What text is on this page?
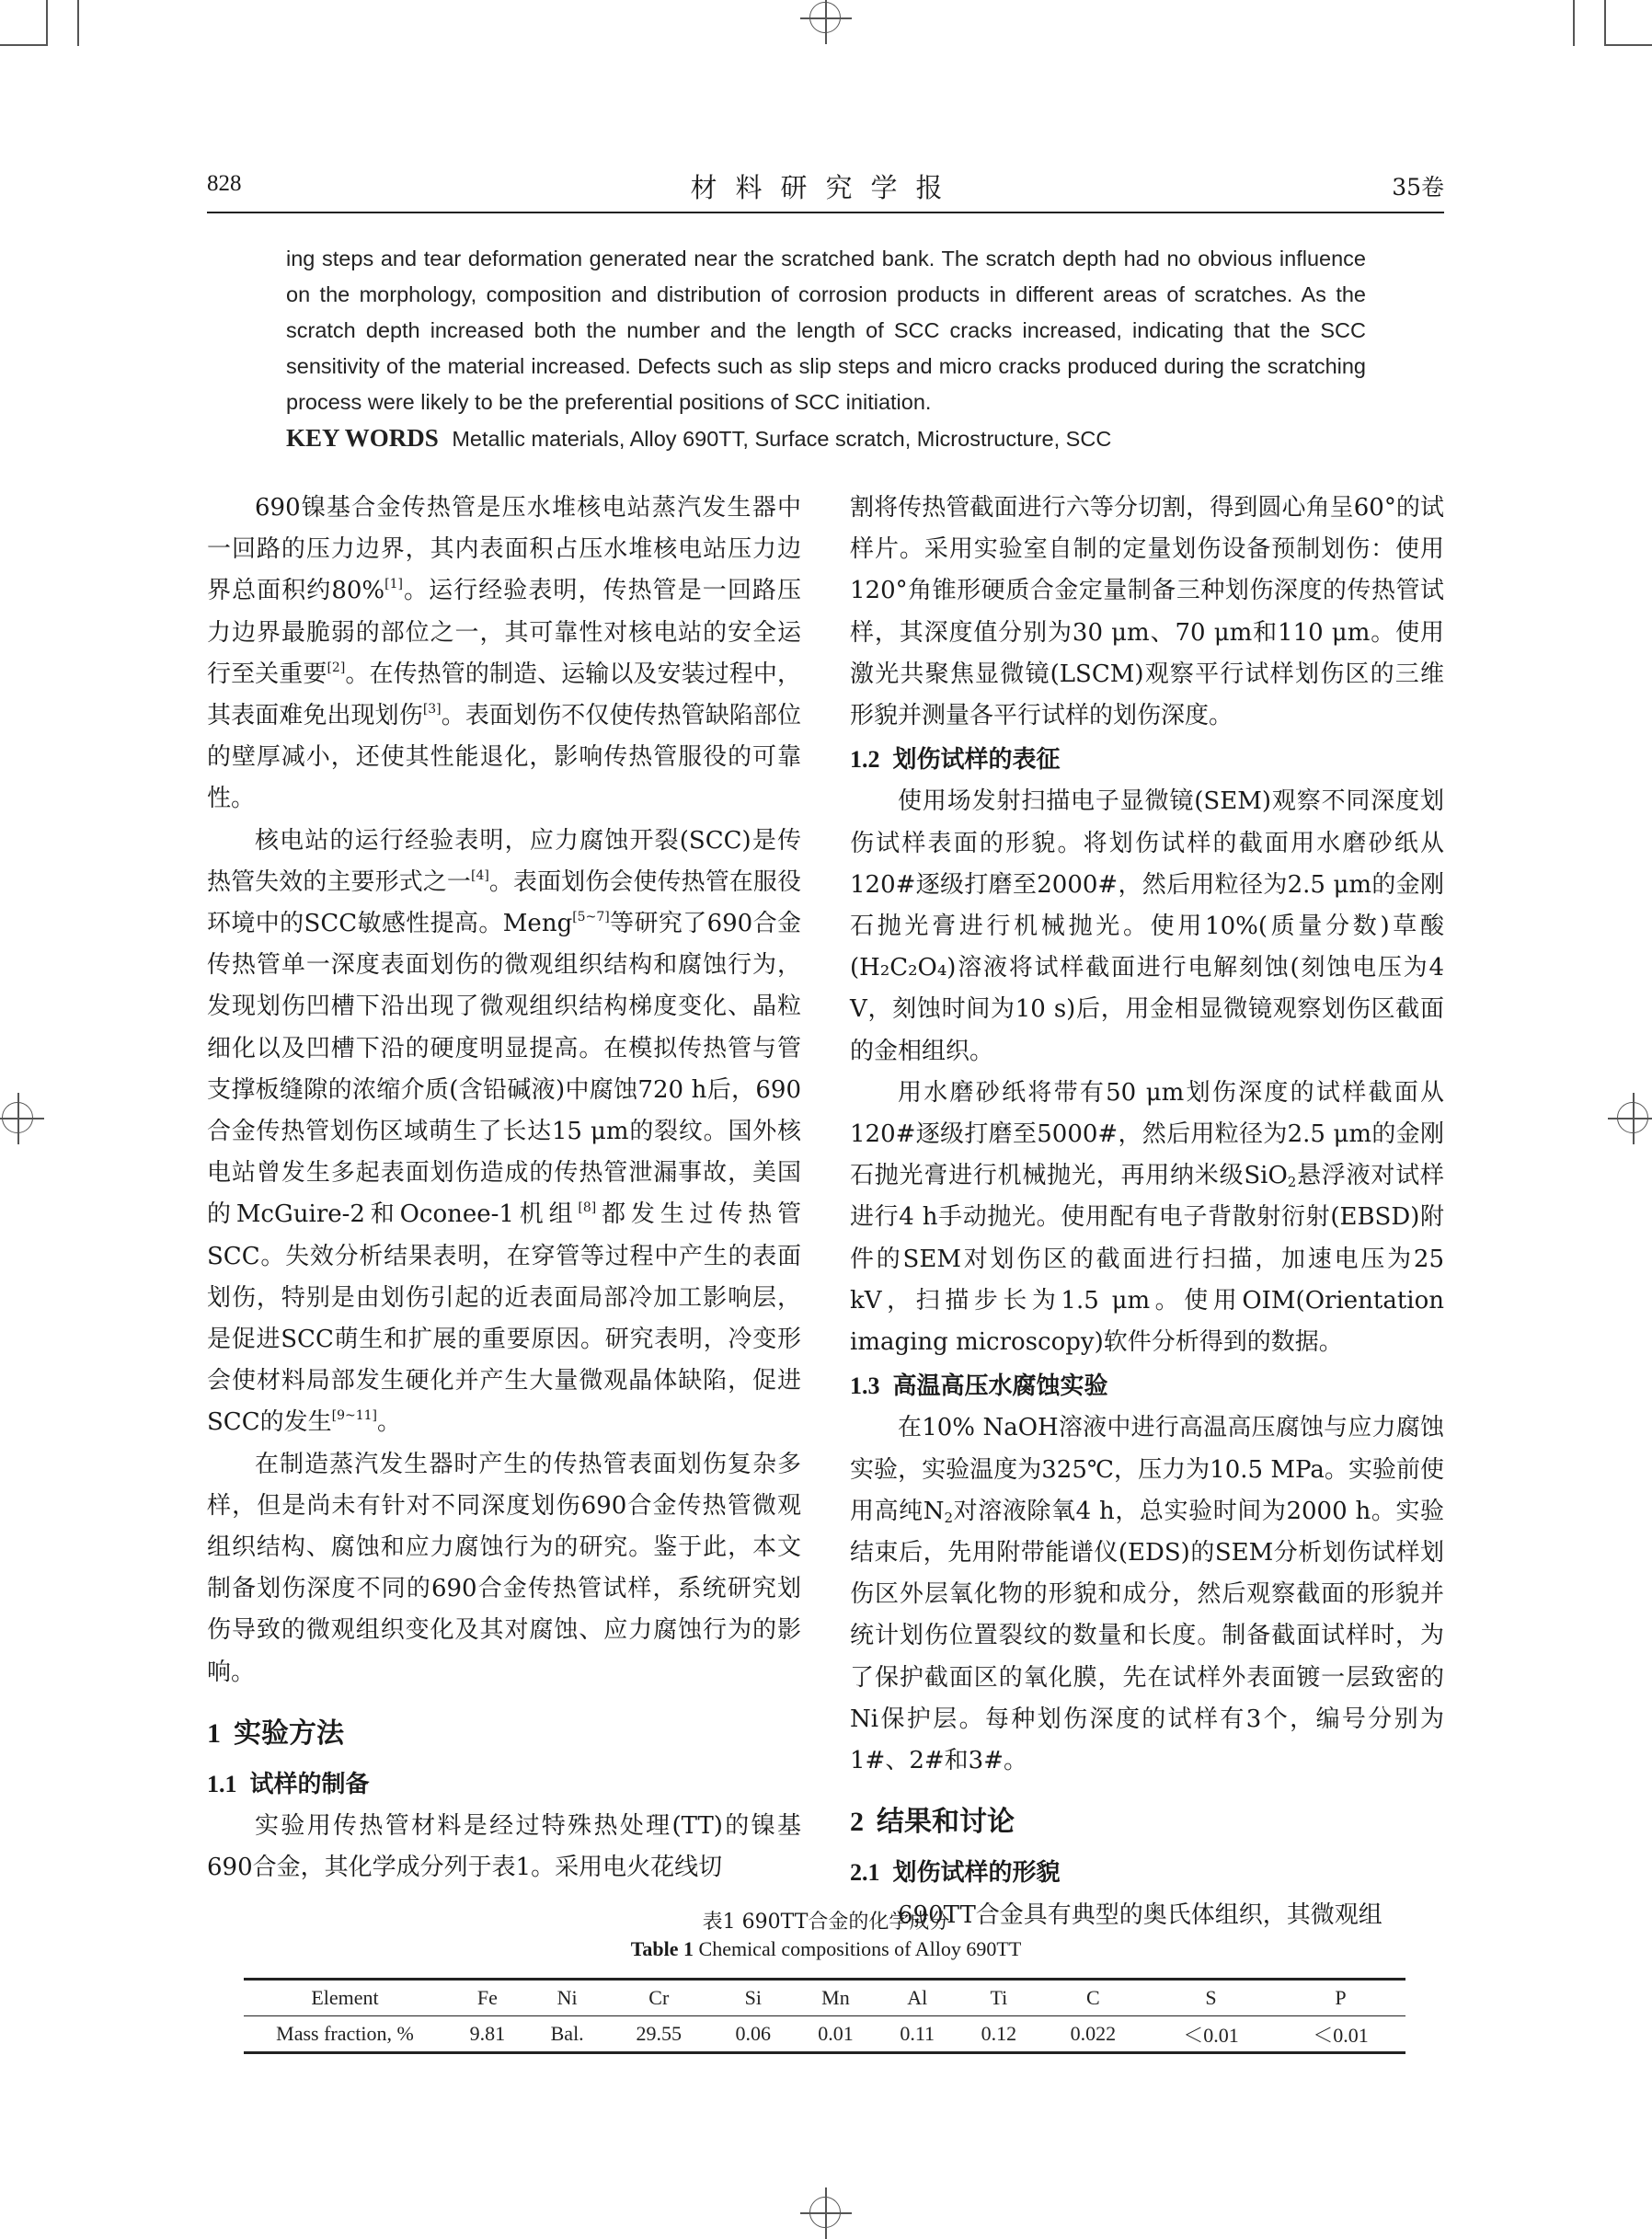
828	材料研究学报	35卷
ing steps and tear deformation generated near the scratched bank. The scratch depth had no obvious influence on the morphology, composition and distribution of corrosion products in different areas of scratches. As the scratch depth increased both the number and the length of SCC cracks increased, indicating that the SCC sensitivity of the material increased. Defects such as slip steps and micro cracks produced during the scratching process were likely to be the preferential positions of SCC initiation.
KEY WORDS Metallic materials, Alloy 690TT, Surface scratch, Microstructure, SCC

690镍基合金传热管是压水堆核电站蒸汽发生器中一回路的压力边界，其内表面积占压水堆核电站压力边界总面积约80%[1]。运行经验表明，传热管是一回路压力边界最脆弱的部位之一，其可靠性对核电站的安全运行至关重要[2]。在传热管的制造、运输以及安装过程中，其表面难免出现划伤[3]。表面划伤不仅使传热管缺陷部位的壁厚减小，还使其性能退化，影响传热管服役的可靠性。

核电站的运行经验表明，应力腐蚀开裂(SCC)是传热管失效的主要形式之一[4]。表面划伤会使传热管在服役环境中的SCC敏感性提高。Meng[5~7]等研究了690合金传热管单一深度表面划伤的微观组织结构和腐蚀行为，发现划伤凹槽下沿出现了微观组织结构梯度变化、晶粒细化以及凹槽下沿的硬度明显提高。在模拟传热管与管支撑板缝隙的浓缩介质(含铅碱液)中腐蚀720 h后，690合金传热管划伤区域萌生了长达15 μm的裂纹。国外核电站曾发生多起表面划伤造成的传热管泄漏事故，美国的McGuire-2和Oconee-1机组[8]都发生过传热管SCC。失效分析结果表明，在穿管等过程中产生的表面划伤，特别是由划伤引起的近表面局部冷加工影响层，是促进SCC萌生和扩展的重要原因。研究表明，冷变形会使材料局部发生硬化并产生大量微观晶体缺陷，促进SCC的发生[9~11]。

在制造蒸汽发生器时产生的传热管表面划伤复杂多样，但是尚未有针对不同深度划伤690合金传热管微观组织结构、腐蚀和应力腐蚀行为的研究。鉴于此，本文制备划伤深度不同的690合金传热管试样，系统研究划伤导致的微观组织变化及其对腐蚀、应力腐蚀行为的影响。

1 实验方法
1.1 试样的制备

实验用传热管材料是经过特殊热处理(TT)的镍基690合金，其化学成分列于表1。采用电火花线切

割将传热管截面进行六等分切割，得到圆心角呈60°的试样片。采用实验室自制的定量划伤设备预制划伤：使用120°角锥形硬质合金定量制备三种划伤深度的传热管试样，其深度值分别为30 μm、70 μm和110 μm。使用激光共聚焦显微镜(LSCM)观察平行试样划伤区的三维形貌并测量各平行试样的划伤深度。

1.2 划伤试样的表征

使用场发射扫描电子显微镜(SEM)观察不同深度划伤试样表面的形貌。将划伤试样的截面用水磨砂纸从120#逐级打磨至2000#，然后用粒径为2.5 μm的金刚石抛光膏进行机械抛光。使用10%(质量分数)草酸(H₂C₂O₄)溶液将试样截面进行电解刻蚀(刻蚀电压为4 V，刻蚀时间为10 s)后，用金相显微镜观察划伤区截面的金相组织。

用水磨砂纸将带有50 μm划伤深度的试样截面从120#逐级打磨至5000#，然后用粒径为2.5 μm的金刚石抛光膏进行机械抛光，再用纳米级SiO$_2$悬浮液对试样进行4 h手动抛光。使用配有电子背散射衍射(EBSD)附件的SEM对划伤区的截面进行扫描，加速电压为25 kV，扫描步长为1.5 μm。使用OIM(Orientation imaging microscopy)软件分析得到的数据。

1.3 高温高压水腐蚀实验

在10% NaOH溶液中进行高温高压腐蚀与应力腐蚀实验，实验温度为325℃，压力为10.5 MPa。实验前使用高纯$N_2$对溶液除氧4 h，总实验时间为2000 h。实验结束后，先用附带能谱仪(EDS)的SEM分析划伤试样划伤区外层氧化物的形貌和成分，然后观察截面的形貌并统计划伤位置裂纹的数量和长度。制备截面试样时，为了保护截面区的氧化膜，先在试样外表面镀一层致密的Ni保护层。每种划伤深度的试样有3个，编号分别为1#、2#和3#。

2 结果和讨论
2.1 划伤试样的形貌

690TT合金具有典型的奥氏体组织，其微观组

表1 690TT合金的化学成分
Table 1 Chemical compositions of Alloy 690TT
Element	Fe	Ni	Cr	Si	Mn	Al	Ti	C	S	P
Mass fraction, %	9.81	Bal.	29.55	0.06	0.01	0.11	0.12	0.022	＜0.01	＜0.01
